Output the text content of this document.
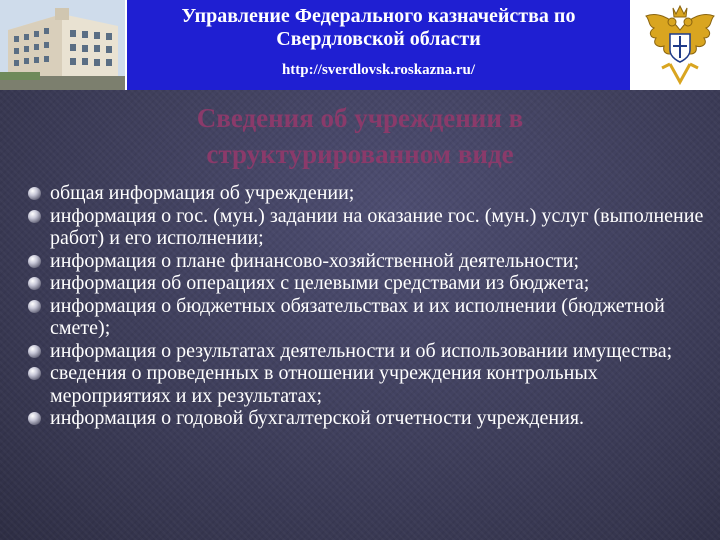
Управление Федерального казначейства по
Свердловской области
http://sverdlovsk.roskazna.ru/
Сведения об учреждении в
структурированном виде
общая информация об учреждении;
информация о гос. (мун.) задании на оказание гос. (мун.) услуг (выполнение работ) и его исполнении;
информация о плане финансово-хозяйственной деятельности;
информация об операциях с целевыми средствами из бюджета;
информация о бюджетных обязательствах и их исполнении (бюджетной смете);
информация о результатах деятельности и об использовании имущества;
сведения о проведенных в отношении учреждения контрольных мероприятиях и их результатах;
информация о годовой бухгалтерской отчетности учреждения.
